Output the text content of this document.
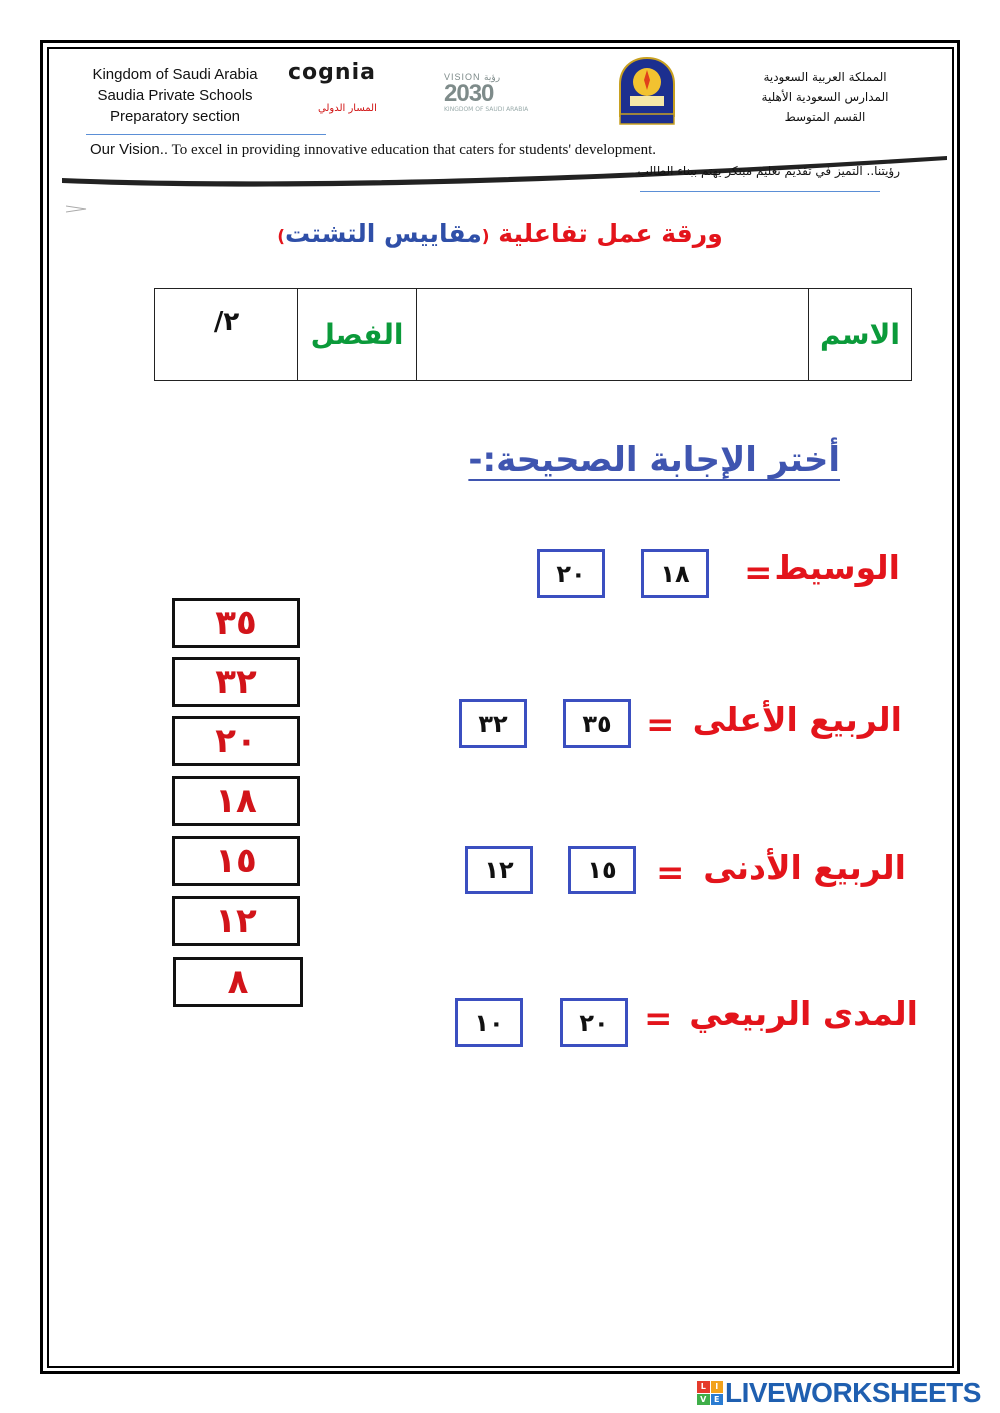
Kingdom of Saudi Arabia
Saudia Private Schools
Preparatory section
cognia
المسار الدولي
VISION رؤية
2030
KINGDOM OF SAUDI ARABIA
المملكة العربية السعودية
المدارس السعودية الأهلية
القسم المتوسط
Our Vision.. To excel in providing innovative education that caters for students' development.
رؤيتنا.. التميز في تقديم تعليم مبتكر يهتم ببناء الطالب
ورقة عمل تفاعلية (مقاييس التشتت)
الاسم
الفصل
/٢
أختر الإجابة الصحيحة:-
الوسيط
=
١٨
٢٠
الربيع الأعلى
=
٣٥
٣٢
الربيع الأدنى
=
١٥
١٢
المدى الربيعي
=
٢٠
١٠
٣٥
٣٢
٢٠
١٨
١٥
١٢
٨
L	I
V E LIVEWORKSHEETS
